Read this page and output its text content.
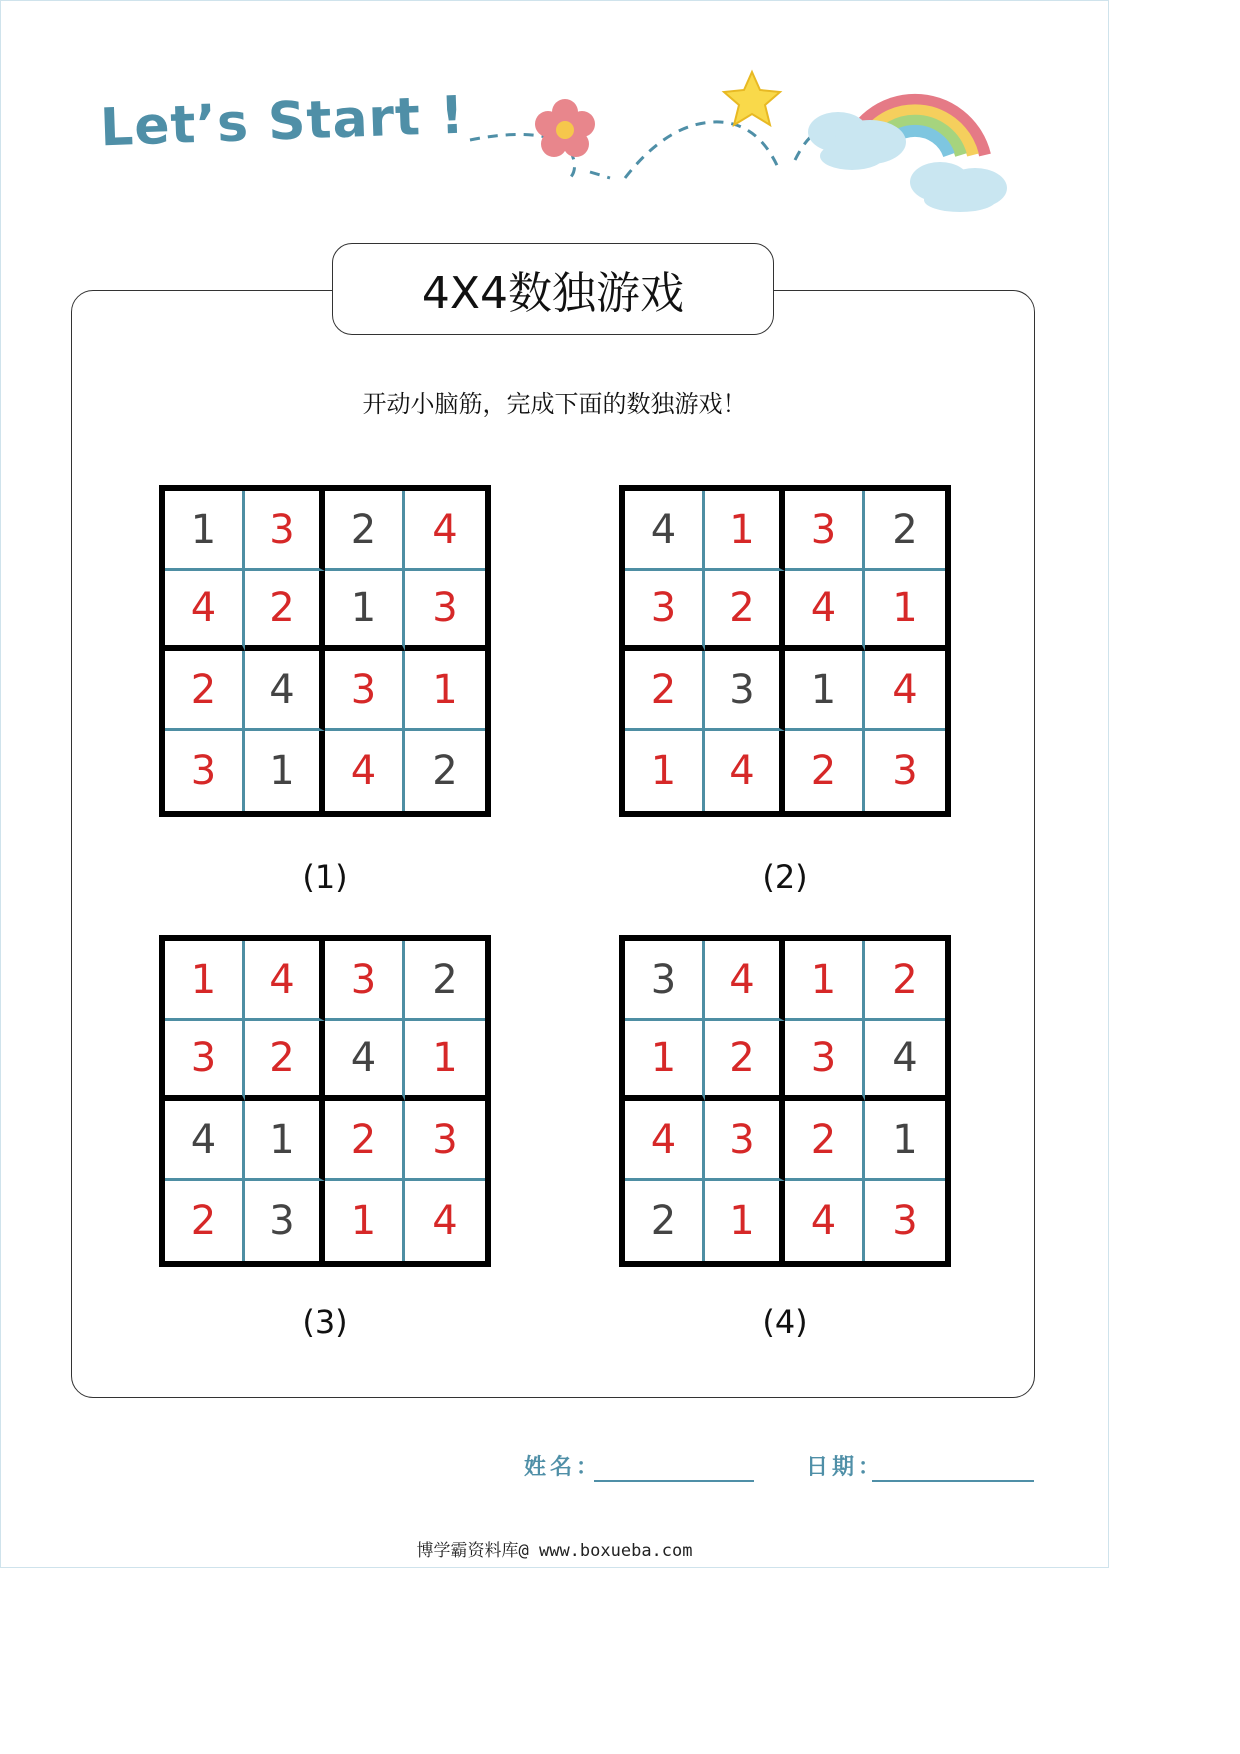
Let’s Start !
4X4数独游戏
开动小脑筋，完成下面的数独游戏！
1	3	2	4
4	2	1	3
2	4	3	1
3	1	4	2
(1)
4	1	3	2
3	2	4	1
2	3	1	4
1	4	2	3
(2)
1	4	3	2
3	2	4	1
4	1	2	3
2	3	1	4
(3)
3	4	1	2
1	2	3	4
4	3	2	1
2	1	4	3
(4)
姓名：	日期：
博学霸资料库@ www.boxueba.com
